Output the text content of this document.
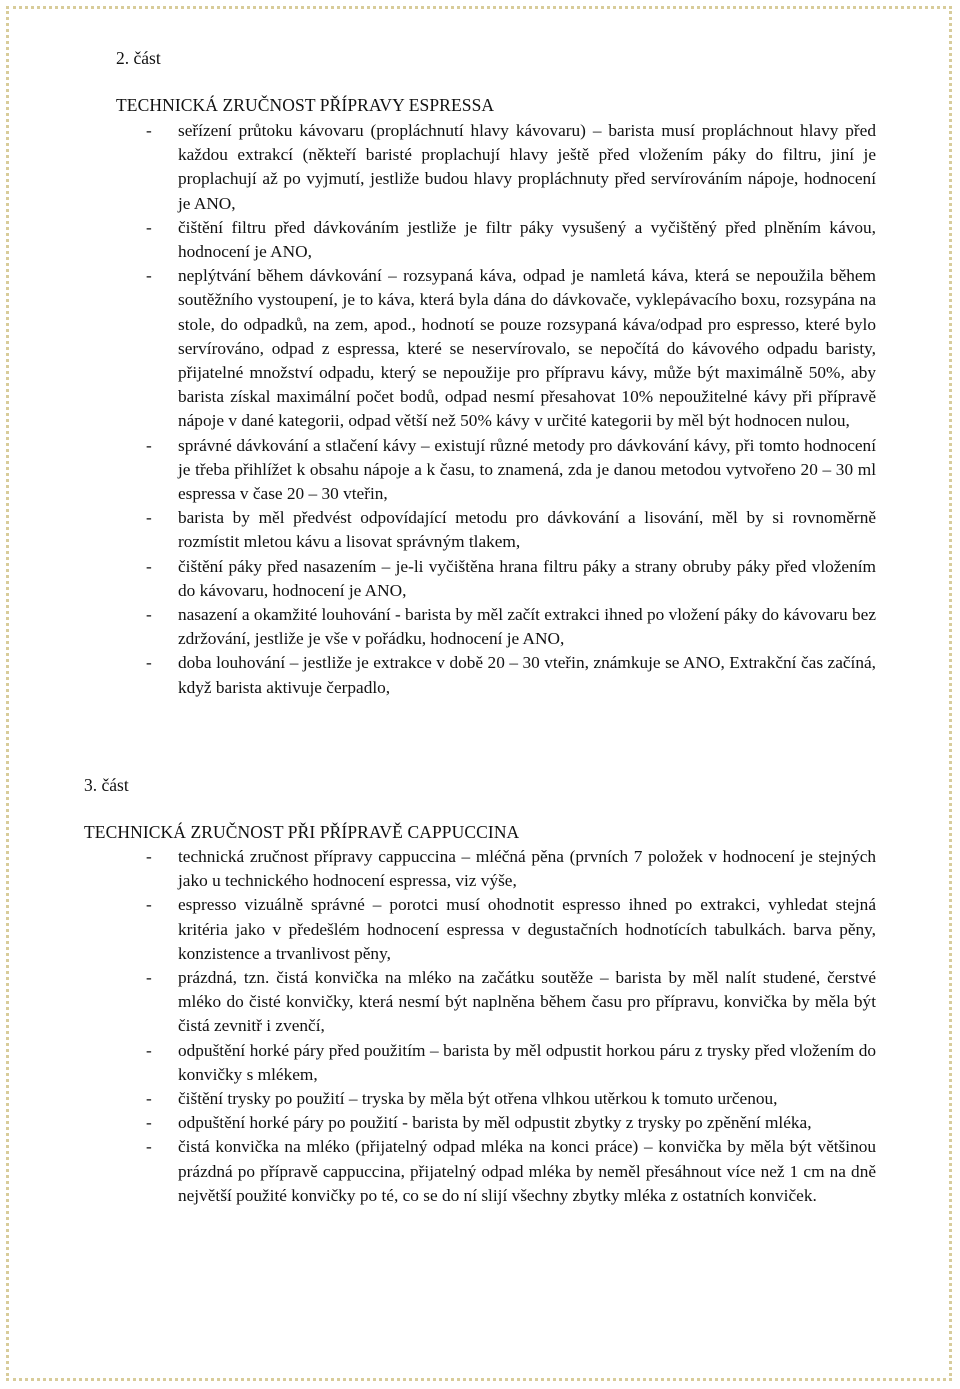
2. část
TECHNICKÁ ZRUČNOST PŘÍPRAVY ESPRESSA
- seřízení průtoku kávovaru (propláchnutí hlavy kávovaru) – barista musí propláchnout hlavy před každou extrakcí (někteří baristé proplachují hlavy ještě před vložením páky do filtru, jiní je proplachují až po vyjmutí, jestliže budou hlavy propláchnuty před servírováním nápoje, hodnocení je ANO,
- čištění filtru před dávkováním jestliže je filtr páky vysušený a vyčištěný před plněním kávou, hodnocení je ANO,
- neplýtvání během dávkování – rozsypaná káva, odpad je namletá káva, která se nepoužila během soutěžního vystoupení, je to káva, která byla dána do dávkovače, vyklepávacího boxu, rozsypána na stole, do odpadků, na zem, apod., hodnotí se pouze rozsypaná káva/odpad pro espresso, které bylo servírováno, odpad z espressa, které se neservírovalo, se nepočítá do kávového odpadu baristy, přijatelné množství odpadu, který se nepoužije pro přípravu kávy, může být maximálně 50%, aby barista získal maximální počet bodů, odpad nesmí přesahovat 10% nepoužitelné kávy při přípravě nápoje v dané kategorii, odpad větší než 50% kávy v určité kategorii by měl být hodnocen nulou,
- správné dávkování a stlačení kávy – existují různé metody pro dávkování kávy, při tomto hodnocení je třeba přihlížet k obsahu nápoje a k času, to znamená, zda je danou metodou vytvořeno 20 – 30 ml espressa v čase 20 – 30 vteřin,
- barista by měl předvést odpovídající metodu pro dávkování a lisování, měl by si rovnoměrně rozmístit mletou kávu a lisovat správným tlakem,
- čištění páky před nasazením – je-li vyčištěna hrana filtru páky a strany obruby páky před vložením do kávovaru, hodnocení je ANO,
- nasazení a okamžité louhování - barista by měl začít extrakci ihned po vložení páky do kávovaru bez zdržování, jestliže je vše v pořádku, hodnocení je ANO,
- doba louhování – jestliže je extrakce v době 20 – 30 vteřin, známkuje se ANO, Extrakční čas začíná, když barista aktivuje čerpadlo,
3. část
TECHNICKÁ ZRUČNOST PŘI PŘÍPRAVĚ CAPPUCCINA
- technická zručnost přípravy cappuccina – mléčná pěna (prvních 7 položek v hodnocení je stejných jako u technického hodnocení espressa, viz výše,
- espresso vizuálně správné – porotci musí ohodnotit espresso ihned po extrakci, vyhledat stejná kritéria jako v předešlém hodnocení espressa v degustačních hodnotících tabulkách. barva pěny, konzistence a trvanlivost pěny,
- prázdná, tzn. čistá konvička na mléko na začátku soutěže – barista by měl nalít studené, čerstvé mléko do čisté konvičky, která nesmí být naplněna během času pro přípravu, konvička by měla být čistá zevnitř i zvenčí,
- odpuštění horké páry před použitím – barista by měl odpustit horkou páru z trysky před vložením do konvičky s mlékem,
- čištění trysky po použití – tryska by měla být otřena vlhkou utěrkou k tomuto určenou,
- odpuštění horké páry po použití - barista by měl odpustit zbytky z trysky po zpěnění mléka,
- čistá konvička na mléko (přijatelný odpad mléka na konci práce) – konvička by měla být většinou prázdná po přípravě cappuccina, přijatelný odpad mléka by neměl přesáhnout více než 1 cm na dně největší použité konvičky po té, co se do ní slijí všechny zbytky mléka z ostatních konviček.
